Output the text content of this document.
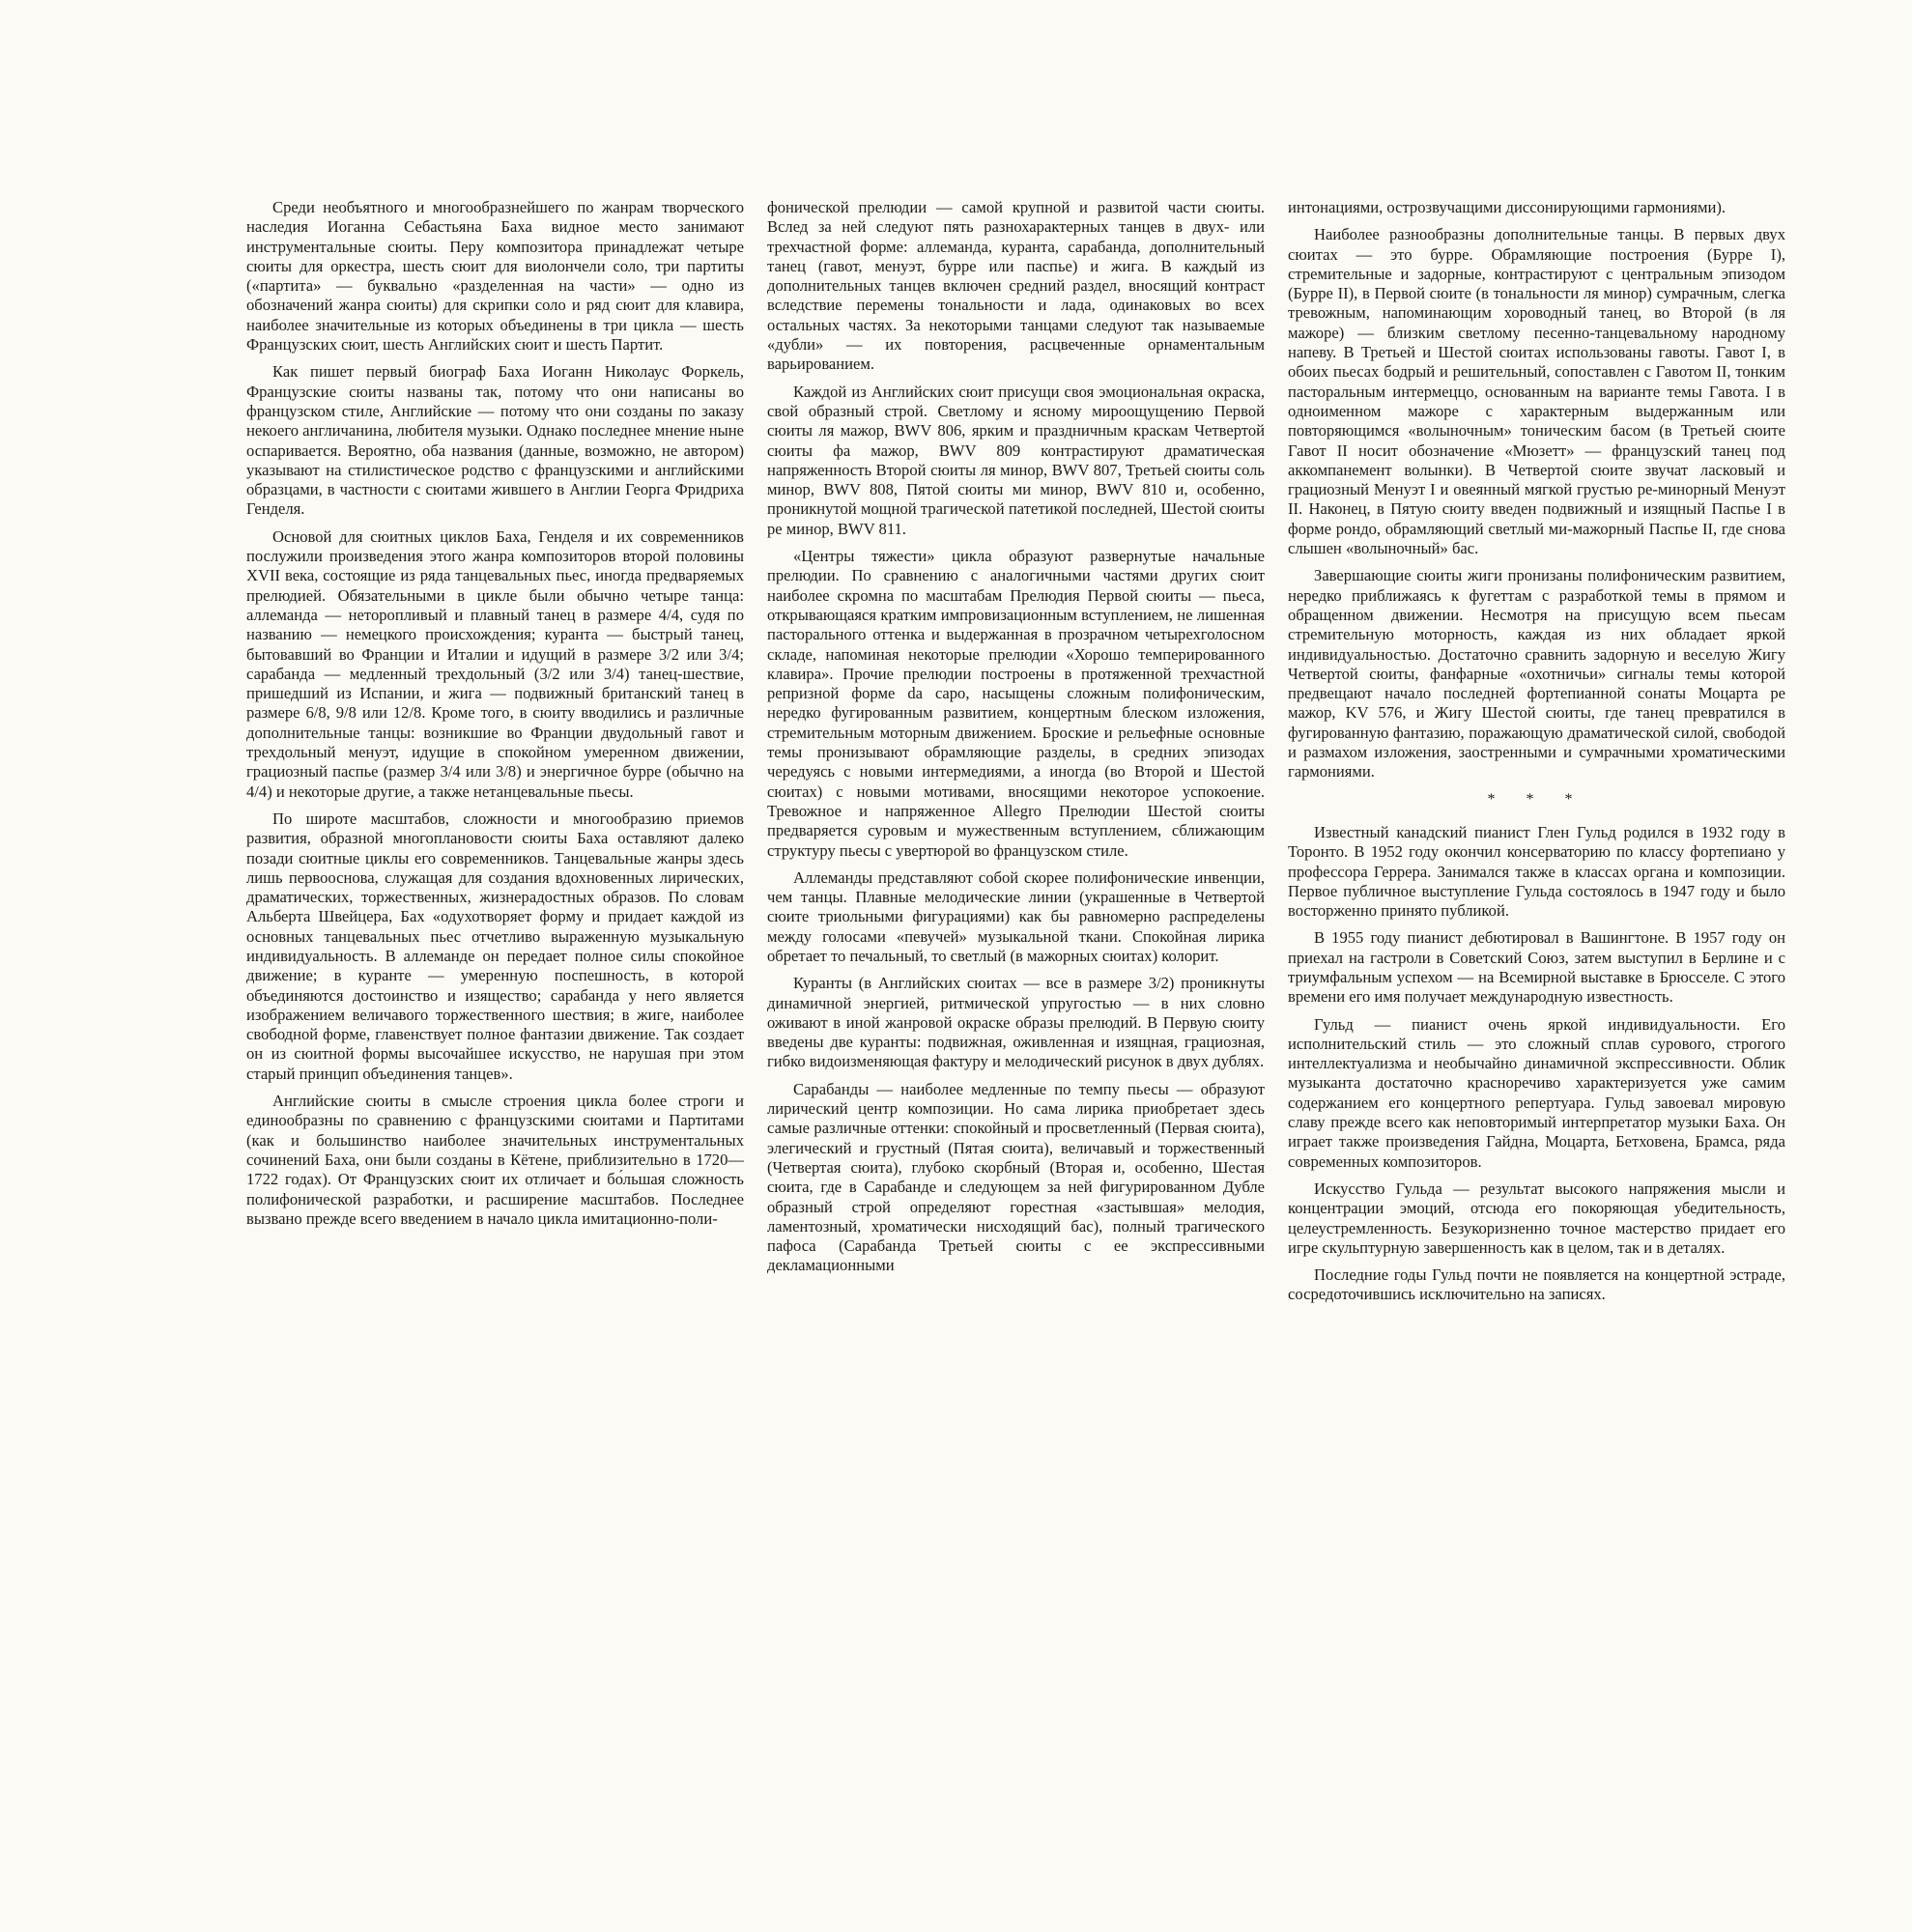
Среди необъятного и многообразнейшего по жанрам творческого наследия Иоганна Себастьяна Баха видное место занимают инструментальные сюиты. Перу композитора принадлежат четыре сюиты для оркестра, шесть сюит для виолончели соло, три партиты («партита» — буквально «разделенная на части» — одно из обозначений жанра сюиты) для скрипки соло и ряд сюит для клавира, наиболее значительные из которых объединены в три цикла — шесть Французских сюит, шесть Английских сюит и шесть Партит.

Как пишет первый биограф Баха Иоганн Николаус Форкель, Французские сюиты названы так, потому что они написаны во французском стиле, Английские — потому что они созданы по заказу некоего англичанина, любителя музыки. Однако последнее мнение ныне оспаривается. Вероятно, оба названия (данные, возможно, не автором) указывают на стилистическое родство с французскими и английскими образцами, в частности с сюитами жившего в Англии Георга Фридриха Генделя.

Основой для сюитных циклов Баха, Генделя и их современников послужили произведения этого жанра композиторов второй половины XVII века, состоящие из ряда танцевальных пьес, иногда предваряемых прелюдией. Обязательными в цикле были обычно четыре танца: аллеманда — неторопливый и плавный танец в размере 4/4, судя по названию — немецкого происхождения; куранта — быстрый танец, бытовавший во Франции и Италии и идущий в размере 3/2 или 3/4; сарабанда — медленный трехдольный (3/2 или 3/4) танец-шествие, пришедший из Испании, и жига — подвижный британский танец в размере 6/8, 9/8 или 12/8. Кроме того, в сюиту вводились и различные дополнительные танцы: возникшие во Франции двудольный гавот и трехдольный менуэт, идущие в спокойном умеренном движении, грациозный паспье (размер 3/4 или 3/8) и энергичное бурре (обычно на 4/4) и некоторые другие, а также нетанцевальные пьесы.

По широте масштабов, сложности и многообразию приемов развития, образной многоплановости сюиты Баха оставляют далеко позади сюитные циклы его современников. Танцевальные жанры здесь лишь первооснова, служащая для создания вдохновенных лирических, драматических, торжественных, жизнерадостных образов. По словам Альберта Швейцера, Бах «одухотворяет форму и придает каждой из основных танцевальных пьес отчетливо выраженную музыкальную индивидуальность. В аллеманде он передает полное силы спокойное движение; в куранте — умеренную поспешность, в которой объединяются достоинство и изящество; сарабанда у него является изображением величавого торжественного шествия; в жиге, наиболее свободной форме, главенствует полное фантазии движение. Так создает он из сюитной формы высочайшее искусство, не нарушая при этом старый принцип объединения танцев».

Английские сюиты в смысле строения цикла более строги и единообразны по сравнению с французскими сюитами и Партитами (как и большинство наиболее значительных инструментальных сочинений Баха, они были созданы в Кётене, приблизительно в 1720—1722 годах). От Французских сюит их отличает и бо́льшая сложность полифонической разработки, и расширение масштабов. Последнее вызвано прежде всего введением в начало цикла имитационно-поли-

фонической прелюдии — самой крупной и развитой части сюиты. Вслед за ней следуют пять разнохарактерных танцев в двух- или трехчастной форме: аллеманда, куранта, сарабанда, дополнительный танец (гавот, менуэт, бурре или паспье) и жига. В каждый из дополнительных танцев включен средний раздел, вносящий контраст вследствие перемены тональности и лада, одинаковых во всех остальных частях. За некоторыми танцами следуют так называемые «дубли» — их повторения, расцвеченные орнаментальным варьированием.

Каждой из Английских сюит присущи своя эмоциональная окраска, свой образный строй. Светлому и ясному мироощущению Первой сюиты ля мажор, BWV 806, ярким и праздничным краскам Четвертой сюиты фа мажор, BWV 809 контрастируют драматическая напряженность Второй сюиты ля минор, BWV 807, Третьей сюиты соль минор, BWV 808, Пятой сюиты ми минор, BWV 810 и, особенно, проникнутой мощной трагической патетикой последней, Шестой сюиты ре минор, BWV 811.

«Центры тяжести» цикла образуют развернутые начальные прелюдии. По сравнению с аналогичными частями других сюит наиболее скромна по масштабам Прелюдия Первой сюиты — пьеса, открывающаяся кратким импровизационным вступлением, не лишенная пасторального оттенка и выдержанная в прозрачном четырехголосном складе, напоминая некоторые прелюдии «Хорошо темперированного клавира». Прочие прелюдии построены в протяженной трехчастной репризной форме da capo, насыщены сложным полифоническим, нередко фугированным развитием, концертным блеском изложения, стремительным моторным движением. Броские и рельефные основные темы пронизывают обрамляющие разделы, в средних эпизодах чередуясь с новыми интермедиями, а иногда (во Второй и Шестой сюитах) с новыми мотивами, вносящими некоторое успокоение. Тревожное и напряженное Allegro Прелюдии Шестой сюиты предваряется суровым и мужественным вступлением, сближающим структуру пьесы с увертюрой во французском стиле.

Аллеманды представляют собой скорее полифонические инвенции, чем танцы. Плавные мелодические линии (украшенные в Четвертой сюите триольными фигурациями) как бы равномерно распределены между голосами «певучей» музыкальной ткани. Спокойная лирика обретает то печальный, то светлый (в мажорных сюитах) колорит.

Куранты (в Английских сюитах — все в размере 3/2) проникнуты динамичной энергией, ритмической упругостью — в них словно оживают в иной жанровой окраске образы прелюдий. В Первую сюиту введены две куранты: подвижная, оживленная и изящная, грациозная, гибко видоизменяющая фактуру и мелодический рисунок в двух дублях.

Сарабанды — наиболее медленные по темпу пьесы — образуют лирический центр композиции. Но сама лирика приобретает здесь самые различные оттенки: спокойный и просветленный (Первая сюита), элегический и грустный (Пятая сюита), величавый и торжественный (Четвертая сюита), глубоко скорбный (Вторая и, особенно, Шестая сюита, где в Сарабанде и следующем за ней фигурированном Дубле образный строй определяют горестная «застывшая» мелодия, ламентозный, хроматически нисходящий бас), полный трагического пафоса (Сарабанда Третьей сюиты с ее экспрессивными декламационными

интонациями, острозвучащими диссонирующими гармониями).

Наиболее разнообразны дополнительные танцы. В первых двух сюитах — это бурре. Обрамляющие построения (Бурре I), стремительные и задорные, контрастируют с центральным эпизодом (Бурре II), в Первой сюите (в тональности ля минор) сумрачным, слегка тревожным, напоминающим хороводный танец, во Второй (в ля мажоре) — близким светлому песенно-танцевальному народному напеву. В Третьей и Шестой сюитах использованы гавоты. Гавот I, в обоих пьесах бодрый и решительный, сопоставлен с Гавотом II, тонким пасторальным интермеццо, основанным на варианте темы Гавота. I в одноименном мажоре с характерным выдержанным или повторяющимся «волыночным» тоническим басом (в Третьей сюите Гавот II носит обозначение «Мюзетт» — французский танец под аккомпанемент волынки). В Четвертой сюите звучат ласковый и грациозный Менуэт I и овеянный мягкой грустью ре-минорный Менуэт II. Наконец, в Пятую сюиту введен подвижный и изящный Паспье I в форме рондо, обрамляющий светлый ми-мажорный Паспье II, где снова слышен «волыночный» бас.

Завершающие сюиты жиги пронизаны полифоническим развитием, нередко приближаясь к фугеттам с разработкой темы в прямом и обращенном движении. Несмотря на присущую всем пьесам стремительную моторность, каждая из них обладает яркой индивидуальностью. Достаточно сравнить задорную и веселую Жигу Четвертой сюиты, фанфарные «охотничьи» сигналы темы которой предвещают начало последней фортепианной сонаты Моцарта ре мажор, KV 576, и Жигу Шестой сюиты, где танец превратился в фугированную фантазию, поражающую драматической силой, свободой и размахом изложения, заостренными и сумрачными хроматическими гармониями.

* * *

Известный канадский пианист Глен Гульд родился в 1932 году в Торонто. В 1952 году окончил консерваторию по классу фортепиано у профессора Геррера. Занимался также в классах органа и композиции. Первое публичное выступление Гульда состоялось в 1947 году и было восторженно принято публикой.

В 1955 году пианист дебютировал в Вашингтоне. В 1957 году он приехал на гастроли в Советский Союз, затем выступил в Берлине и с триумфальным успехом — на Всемирной выставке в Брюсселе. С этого времени его имя получает международную известность.

Гульд — пианист очень яркой индивидуальности. Его исполнительский стиль — это сложный сплав сурового, строгого интеллектуализма и необычайно динамичной экспрессивности. Облик музыканта достаточно красноречиво характеризуется уже самим содержанием его концертного репертуара. Гульд завоевал мировую славу прежде всего как неповторимый интерпретатор музыки Баха. Он играет также произведения Гайдна, Моцарта, Бетховена, Брамса, ряда современных композиторов.

Искусство Гульда — результат высокого напряжения мысли и концентрации эмоций, отсюда его покоряющая убедительность, целеустремленность. Безукоризненно точное мастерство придает его игре скульптурную завершенность как в целом, так и в деталях.

Последние годы Гульд почти не появляется на концертной эстраде, сосредоточившись исключительно на записях.
